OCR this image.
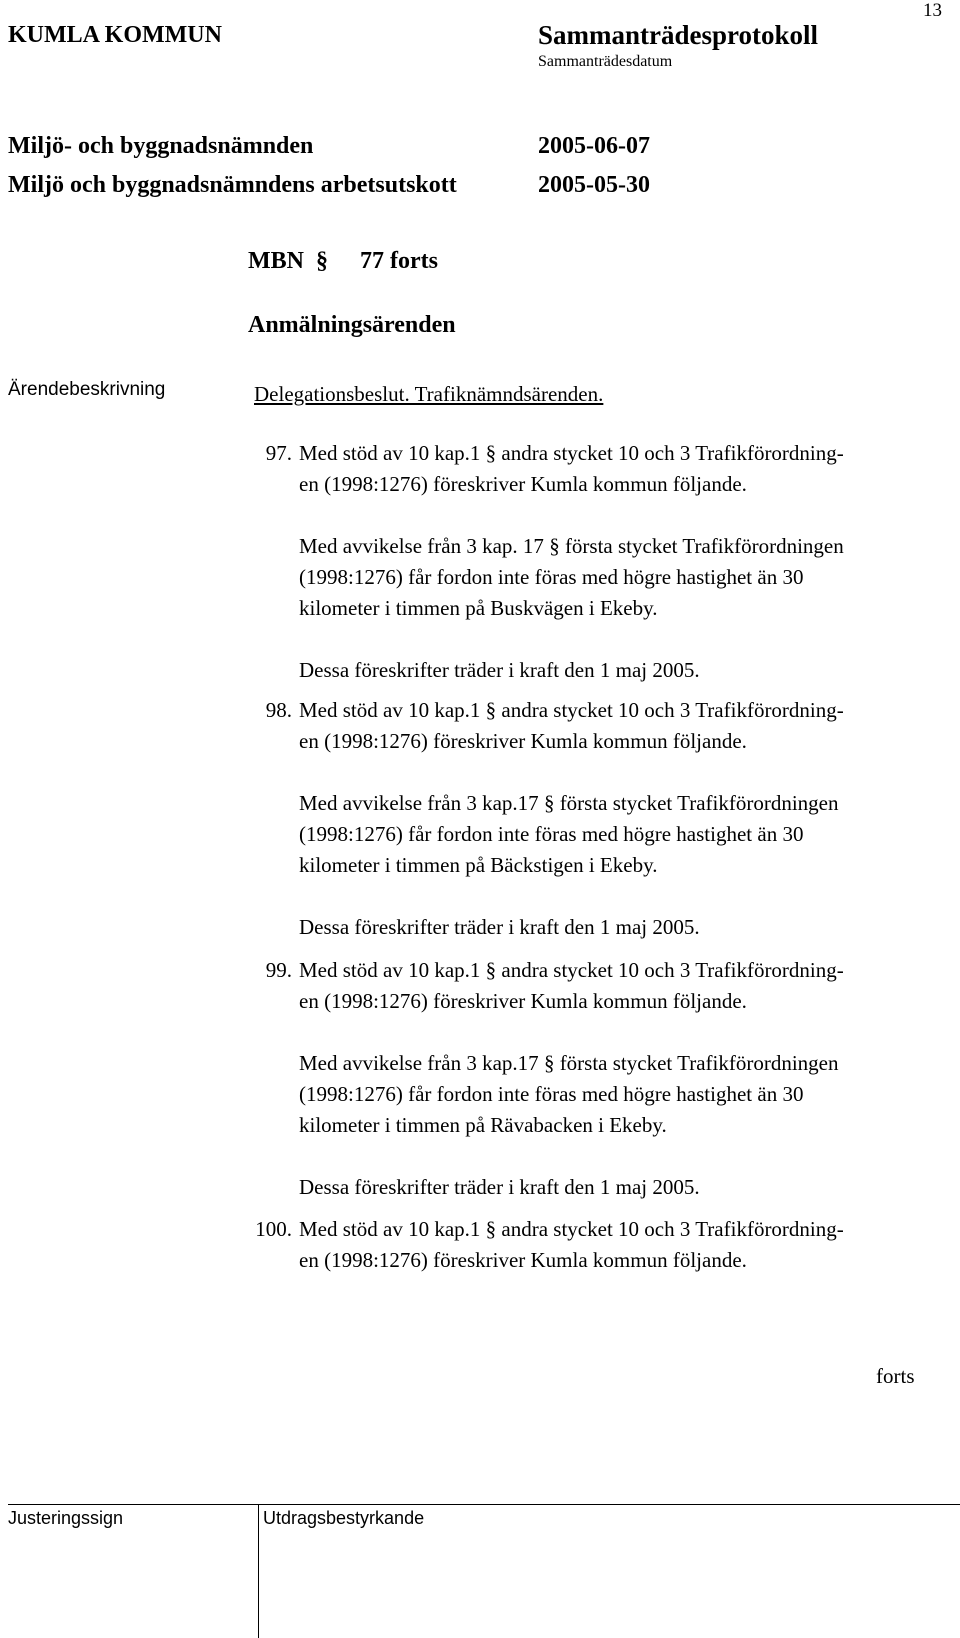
13
KUMLA KOMMUN	Sammanträdesprotokoll
Sammanträdesdatum
Miljö- och byggnadsnämnden	2005-06-07
Miljö och byggnadsnämndens arbetsutskott	2005-05-30
MBN § 77 forts
Anmälningsärenden
Ärendebeskrivning	Delegationsbeslut. Trafiknämndsärenden.
97. Med stöd av 10 kap.1 § andra stycket 10 och 3 Trafikförordning-
en (1998:1276) föreskriver Kumla kommun följande.
Med avvikelse från 3 kap. 17 § första stycket Trafikförordningen
(1998:1276) får fordon inte föras med högre hastighet än 30
kilometer i timmen på Buskvägen i Ekeby.
Dessa föreskrifter träder i kraft den 1 maj 2005.
98. Med stöd av 10 kap.1 § andra stycket 10 och 3 Trafikförordning-
en (1998:1276) föreskriver Kumla kommun följande.
Med avvikelse från 3 kap.17 § första stycket Trafikförordningen
(1998:1276) får fordon inte föras med högre hastighet än 30
kilometer i timmen på Bäckstigen i Ekeby.
Dessa föreskrifter träder i kraft den 1 maj 2005.
99. Med stöd av 10 kap.1 § andra stycket 10 och 3 Trafikförordning-
en (1998:1276) föreskriver Kumla kommun följande.
Med avvikelse från 3 kap.17 § första stycket Trafikförordningen
(1998:1276) får fordon inte föras med högre hastighet än 30
kilometer i timmen på Rävabacken i Ekeby.
Dessa föreskrifter träder i kraft den 1 maj 2005.
100. Med stöd av 10 kap.1 § andra stycket 10 och 3 Trafikförordning-
en (1998:1276) föreskriver Kumla kommun följande.
forts
Justeringssign	Utdragsbestyrkande
